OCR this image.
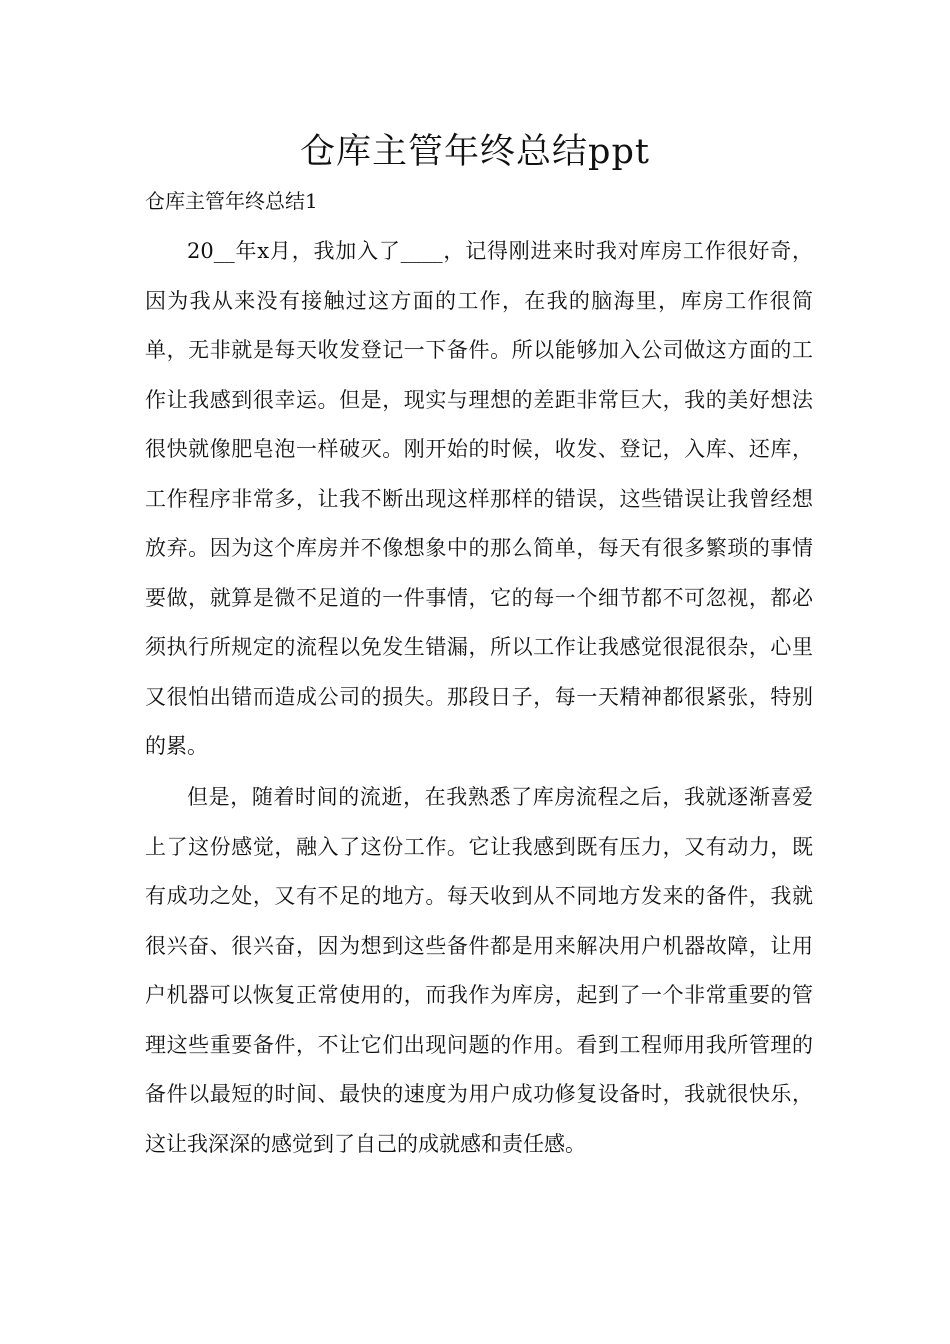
仓库主管年终总结ppt
仓库主管年终总结1

20__年x月，我加入了____，记得刚进来时我对库房工作很好奇，因为我从来没有接触过这方面的工作，在我的脑海里，库房工作很简单，无非就是每天收发登记一下备件。所以能够加入公司做这方面的工作让我感到很幸运。但是，现实与理想的差距非常巨大，我的美好想法很快就像肥皂泡一样破灭。刚开始的时候，收发、登记，入库、还库，工作程序非常多，让我不断出现这样那样的错误，这些错误让我曾经想放弃。因为这个库房并不像想象中的那么简单，每天有很多繁琐的事情要做，就算是微不足道的一件事情，它的每一个细节都不可忽视，都必须执行所规定的流程以免发生错漏，所以工作让我感觉很混很杂，心里又很怕出错而造成公司的损失。那段日子，每一天精神都很紧张，特别的累。

但是，随着时间的流逝，在我熟悉了库房流程之后，我就逐渐喜爱上了这份感觉，融入了这份工作。它让我感到既有压力，又有动力，既有成功之处，又有不足的地方。每天收到从不同地方发来的备件，我就很兴奋、很兴奋，因为想到这些备件都是用来解决用户机器故障，让用户机器可以恢复正常使用的，而我作为库房，起到了一个非常重要的管理这些重要备件，不让它们出现问题的作用。看到工程师用我所管理的备件以最短的时间、最快的速度为用户成功修复设备时，我就很快乐，这让我深深的感觉到了自己的成就感和责任感。
